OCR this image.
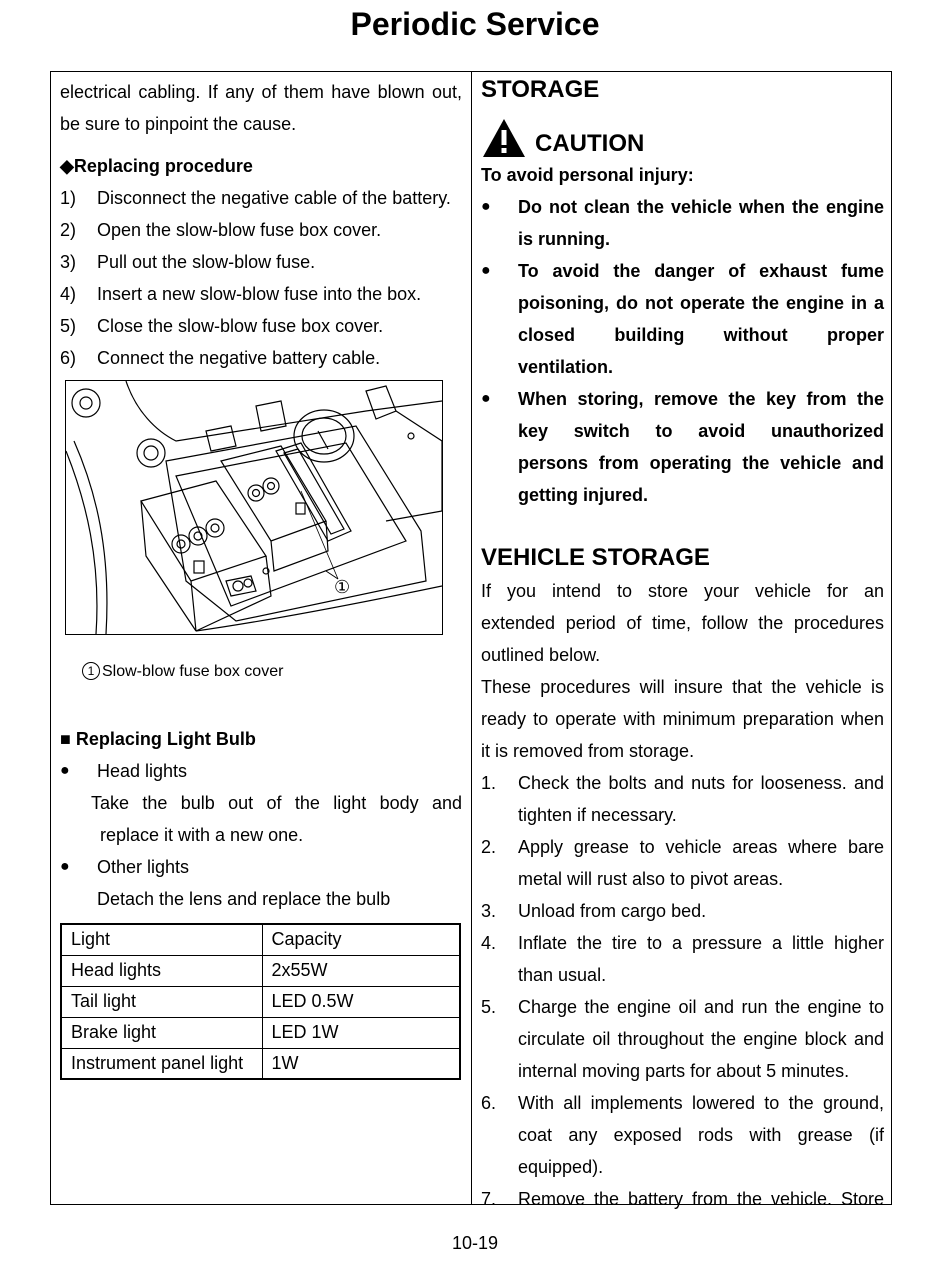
Periodic Service
electrical cabling. If any of them have blown out,
be sure to pinpoint the cause.
◆Replacing procedure
1)	Disconnect the negative cable of the battery.
2)	Open the slow-blow fuse box cover.
3)	Pull out the slow-blow fuse.
4)	Insert a new slow-blow fuse into the box.
5)	Close the slow-blow fuse box cover.
6)	Connect the negative battery cable.
①
1 Slow-blow fuse box cover
■ Replacing Light Bulb
●	Head lights
Take the bulb out of the light body and
replace it with a new one.
●	Other lights
Detach the lens and replace the bulb
Light	Capacity
Head lights	2x55W
Tail light	LED 0.5W
Brake light	LED 1W
Instrument panel light	1W
STORAGE
CAUTION
To avoid personal injury:
●	Do not clean the vehicle when the engine
is running.
●	To avoid the danger of exhaust fume
poisoning, do not operate the engine in a
closed building without proper
ventilation.
●	When storing, remove the key from the
key switch to avoid unauthorized
persons from operating the vehicle and
getting injured.
VEHICLE STORAGE
If you intend to store your vehicle for an
extended period of time, follow the procedures
outlined below.
These procedures will insure that the vehicle is
ready to operate with minimum preparation when
it is removed from storage.
1.	Check the bolts and nuts for looseness. and
tighten if necessary.
2.	Apply grease to vehicle areas where bare
metal will rust also to pivot areas.
3.	Unload from cargo bed.
4.	Inflate the tire to a pressure a little higher
than usual.
5.	Charge the engine oil and run the engine to
circulate oil throughout the engine block and
internal moving parts for about 5 minutes.
6.	With all implements lowered to the ground,
coat any exposed rods with grease (if
equipped).
7.	Remove the battery from the vehicle. Store
10-19
